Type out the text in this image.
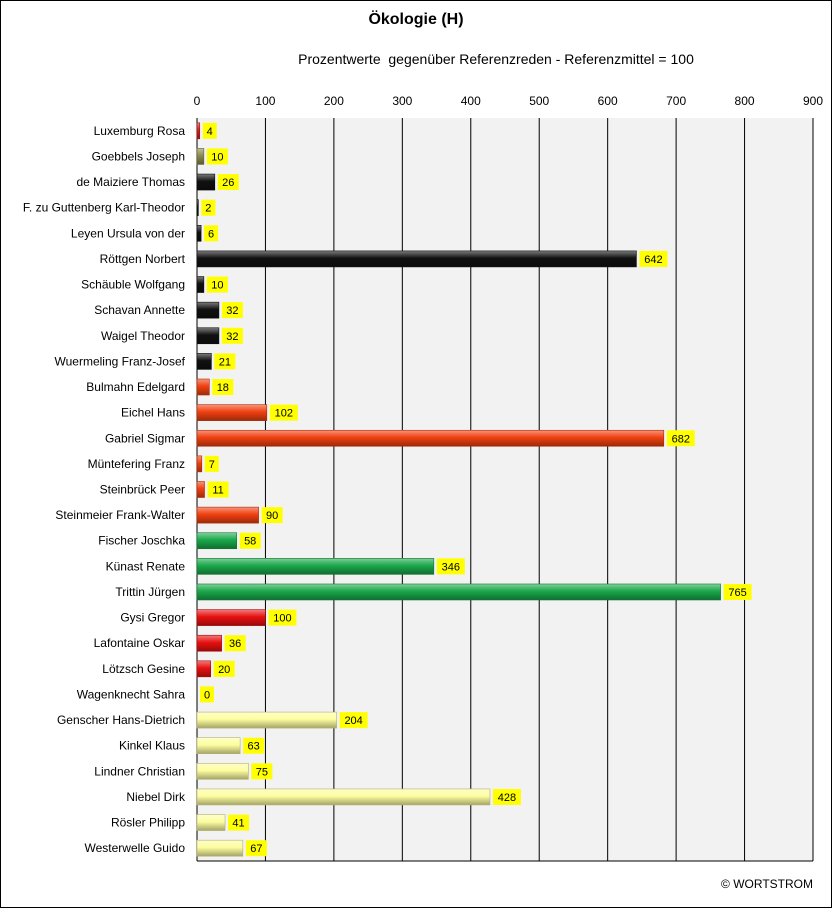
Ökologie (H)
Prozentwerte  gegenüber Referenzreden - Referenzmittel = 100
0	100	200	300	400	500	600	700	800	900
Luxemburg Rosa
Goebbels Joseph
de Maiziere Thomas
F. zu Guttenberg Karl-Theodor
Leyen Ursula von der
Röttgen Norbert
Schäuble Wolfgang
Schavan Annette
Waigel Theodor
Wuermeling Franz-Josef
Bulmahn Edelgard
Eichel Hans
Gabriel Sigmar
Müntefering Franz
Steinbrück Peer
Steinmeier Frank-Walter
Fischer Joschka
Künast Renate
Trittin Jürgen
Gysi Gregor
Lafontaine Oskar
Lötzsch Gesine
Wagenknecht Sahra
Genscher Hans-Dietrich
Kinkel Klaus
Lindner Christian
Niebel Dirk
Rösler Philipp
Westerwelle Guido
4
10
26
2
6
642
10
32
32
21
18
102
682
7
11
90
58
346
765
100
36
20
0
204
63
75
428
41
67
© WORTSTROM
